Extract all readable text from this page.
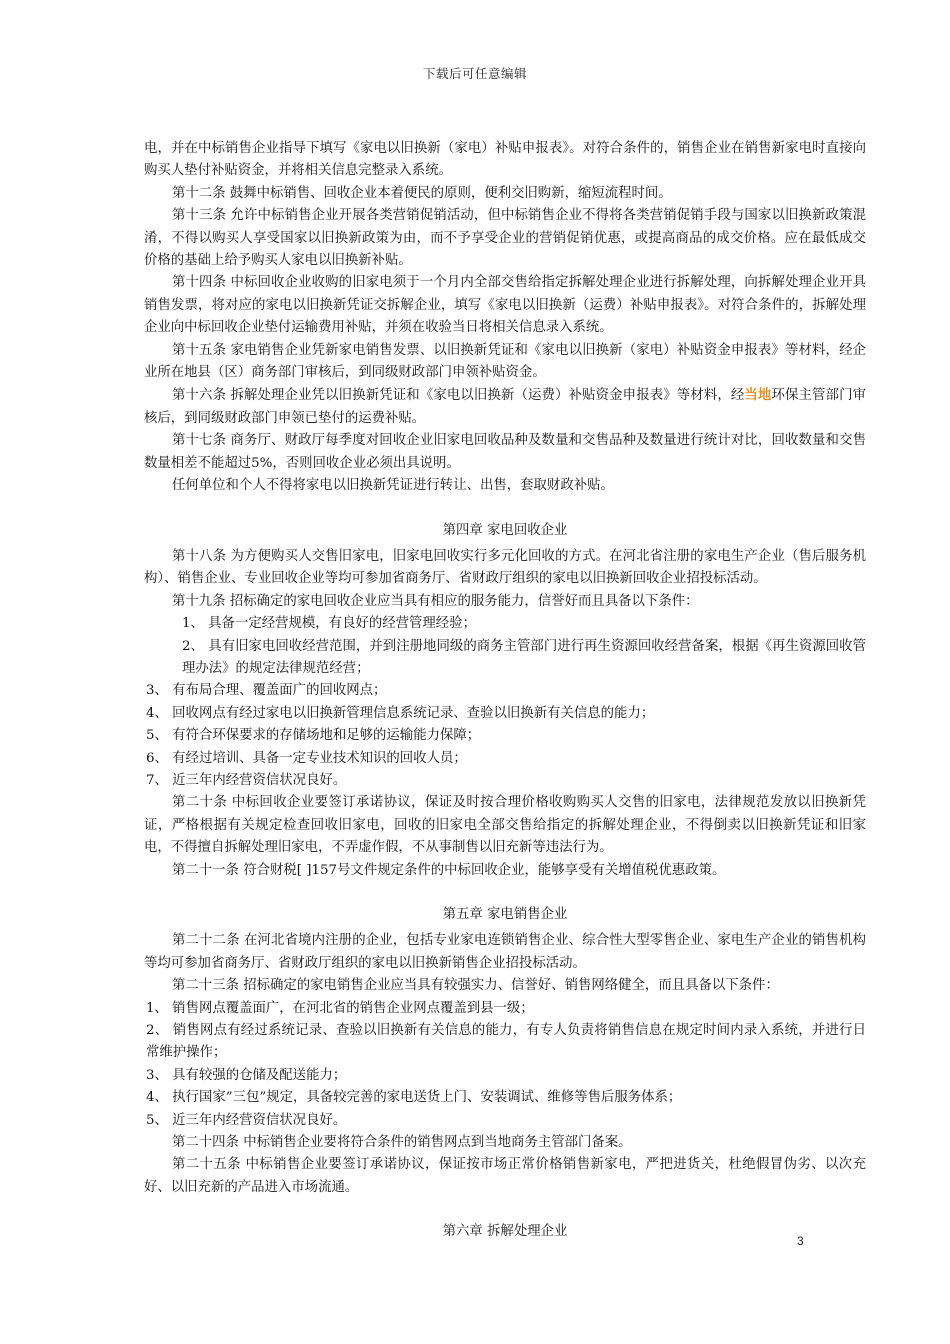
下载后可任意编辑

电，并在中标销售企业指导下填写《家电以旧换新（家电）补贴申报表》。对符合条件的，销售企业在销售新家电时直接向购买人垫付补贴资金，并将相关信息完整录入系统。

第十二条 鼓舞中标销售、回收企业本着便民的原则，便利交旧购新，缩短流程时间。

第十三条 允许中标销售企业开展各类营销促销活动，但中标销售企业不得将各类营销促销手段与国家以旧换新政策混淆，不得以购买人享受国家以旧换新政策为由，而不予享受企业的营销促销优惠，或提高商品的成交价格。应在最低成交价格的基础上给予购买人家电以旧换新补贴。

第十四条 中标回收企业收购的旧家电须于一个月内全部交售给指定拆解处理企业进行拆解处理，向拆解处理企业开具销售发票，将对应的家电以旧换新凭证交拆解企业，填写《家电以旧换新（运费）补贴申报表》。对符合条件的，拆解处理企业向中标回收企业垫付运输费用补贴，并须在收验当日将相关信息录入系统。

第十五条 家电销售企业凭新家电销售发票、以旧换新凭证和《家电以旧换新（家电）补贴资金申报表》等材料，经企业所在地县（区）商务部门审核后，到同级财政部门申领补贴资金。

第十六条 拆解处理企业凭以旧换新凭证和《家电以旧换新（运费）补贴资金申报表》等材料，经当地环保主管部门审核后，到同级财政部门申领已垫付的运费补贴。

第十七条 商务厅、财政厅每季度对回收企业旧家电回收品种及数量和交售品种及数量进行统计对比，回收数量和交售数量相差不能超过5%，否则回收企业必须出具说明。

任何单位和个人不得将家电以旧换新凭证进行转让、出售，套取财政补贴。

第四章 家电回收企业

第十八条 为方便购买人交售旧家电，旧家电回收实行多元化回收的方式。在河北省注册的家电生产企业（售后服务机构）、销售企业、专业回收企业等均可参加省商务厅、省财政厅组织的家电以旧换新回收企业招投标活动。

第十九条 招标确定的家电回收企业应当具有相应的服务能力，信誉好而且具备以下条件：

1、 具备一定经营规模，有良好的经营管理经验；

2、 具有旧家电回收经营范围，并到注册地同级的商务主管部门进行再生资源回收经营备案，根据《再生资源回收管理办法》的规定法律规范经营；

3、 有布局合理、覆盖面广的回收网点；

4、 回收网点有经过家电以旧换新管理信息系统记录、查验以旧换新有关信息的能力；

5、 有符合环保要求的存储场地和足够的运输能力保障；

6、 有经过培训、具备一定专业技术知识的回收人员；

7、 近三年内经营资信状况良好。

第二十条 中标回收企业要签订承诺协议，保证及时按合理价格收购购买人交售的旧家电，法律规范发放以旧换新凭证，严格根据有关规定检查回收旧家电，回收的旧家电全部交售给指定的拆解处理企业，不得倒卖以旧换新凭证和旧家电，不得擅自拆解处理旧家电，不弄虚作假，不从事制售以旧充新等违法行为。

第二十一条 符合财税[ ]157号文件规定条件的中标回收企业，能够享受有关增值税优惠政策。

第五章 家电销售企业

第二十二条 在河北省境内注册的企业，包括专业家电连锁销售企业、综合性大型零售企业、家电生产企业的销售机构等均可参加省商务厅、省财政厅组织的家电以旧换新销售企业招投标活动。

第二十三条 招标确定的家电销售企业应当具有较强实力、信誉好、销售网络健全，而且具备以下条件：

1、 销售网点覆盖面广，在河北省的销售企业网点覆盖到县一级；

2、 销售网点有经过系统记录、查验以旧换新有关信息的能力，有专人负责将销售信息在规定时间内录入系统，并进行日常维护操作；

3、 具有较强的仓储及配送能力；

4、 执行国家”三包”规定，具备较完善的家电送货上门、安装调试、维修等售后服务体系；

5、 近三年内经营资信状况良好。

第二十四条 中标销售企业要将符合条件的销售网点到当地商务主管部门备案。

第二十五条 中标销售企业要签订承诺协议，保证按市场正常价格销售新家电，严把进货关，杜绝假冒伪劣、以次充好、以旧充新的产品进入市场流通。

第六章 拆解处理企业

3
